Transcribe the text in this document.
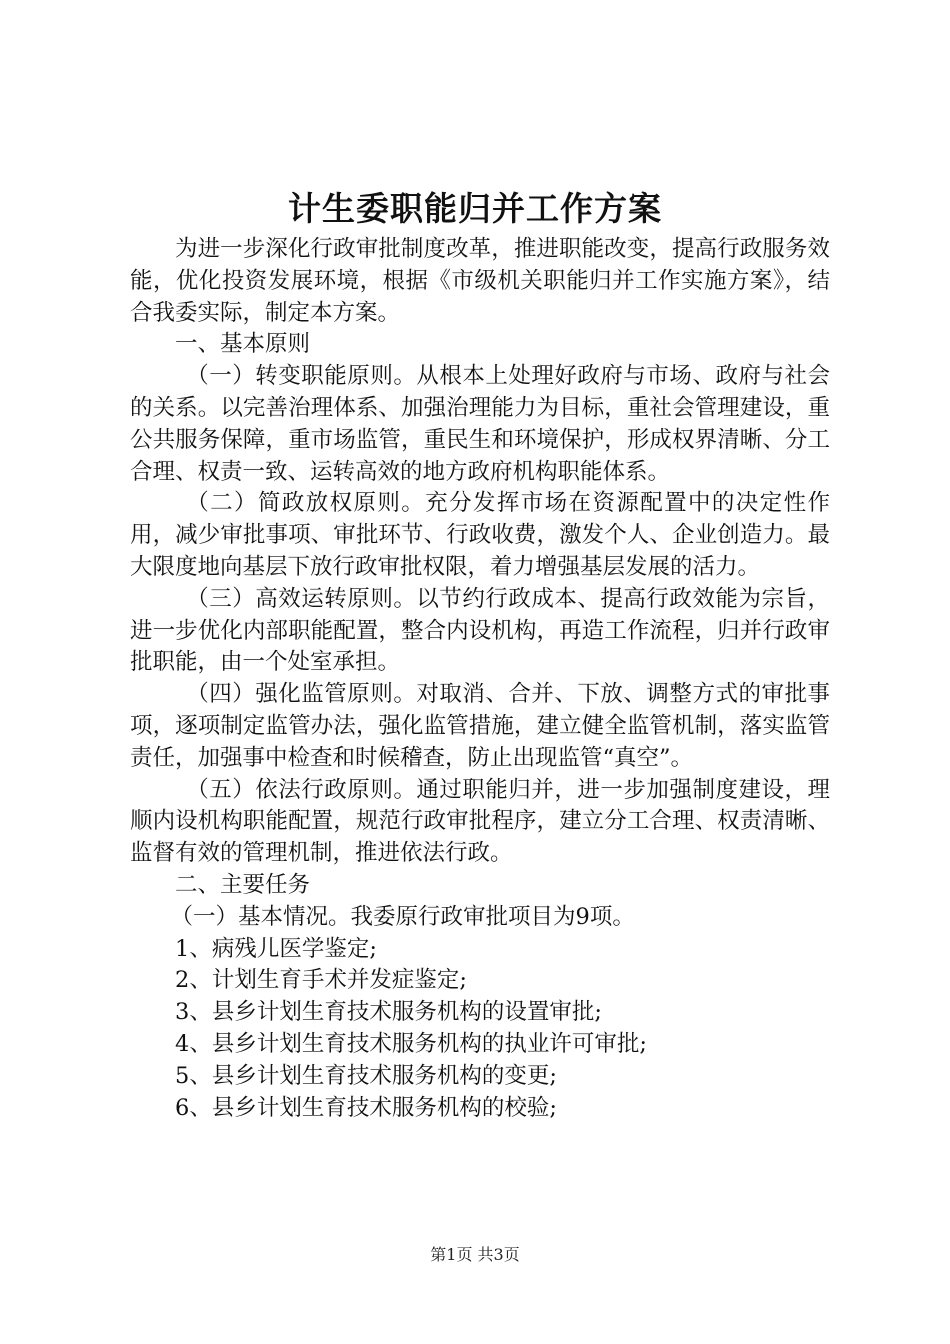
计生委职能归并工作方案

为进一步深化行政审批制度改革，推进职能改变，提高行政服务效能，优化投资发展环境，根据《市级机关职能归并工作实施方案》，结合我委实际，制定本方案。

一、基本原则

（一）转变职能原则。从根本上处理好政府与市场、政府与社会的关系。以完善治理体系、加强治理能力为目标，重社会管理建设，重公共服务保障，重市场监管，重民生和环境保护，形成权界清晰、分工合理、权责一致、运转高效的地方政府机构职能体系。

（二）简政放权原则。充分发挥市场在资源配置中的决定性作用，减少审批事项、审批环节、行政收费，激发个人、企业创造力。最大限度地向基层下放行政审批权限，着力增强基层发展的活力。

（三）高效运转原则。以节约行政成本、提高行政效能为宗旨，进一步优化内部职能配置，整合内设机构，再造工作流程，归并行政审批职能，由一个处室承担。

（四）强化监管原则。对取消、合并、下放、调整方式的审批事项，逐项制定监管办法，强化监管措施，建立健全监管机制，落实监管责任，加强事中检查和时候稽查，防止出现监管“真空”。

（五）依法行政原则。通过职能归并，进一步加强制度建设，理顺内设机构职能配置，规范行政审批程序，建立分工合理、权责清晰、监督有效的管理机制，推进依法行政。

二、主要任务

（一）基本情况。我委原行政审批项目为9项。

1、病残儿医学鉴定;

2、计划生育手术并发症鉴定;

3、县乡计划生育技术服务机构的设置审批;

4、县乡计划生育技术服务机构的执业许可审批;

5、县乡计划生育技术服务机构的变更;

6、县乡计划生育技术服务机构的校验;

第1页 共3页
